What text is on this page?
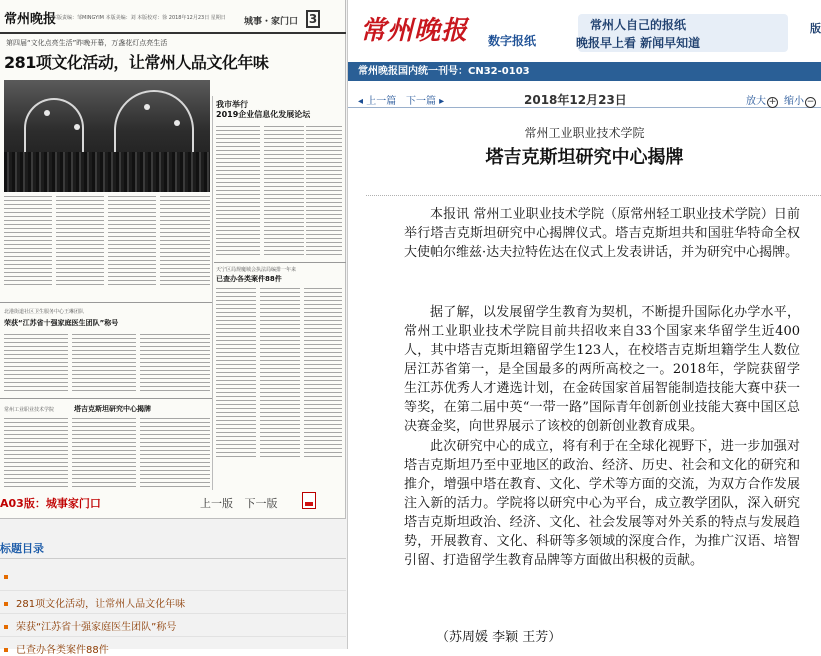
常州晚报
本版责编：邹MINGYIM 本版美编：刘 本版校对：徐 2018年12月23日 星期日 城事・家门口 3
第四届“文化点亮生活”昨晚开幕，万盏花灯点亮生活
281项文化活动，让常州人品文化年味
我市举行
2019企业信息化发展论坛
天宁区局规魔城会执法局编排一年来
已查办各类案件88件
北港街道社区卫生服务中心王琳团队
荣获“江苏省十强家庭医生团队”称号
常州工业职业技术学院	塔吉克斯坦研究中心揭牌
A03版：城事家门口	上一版 下一版
标题目录
281项文化活动，让常州人品文化年味
荣获“江苏省十强家庭医生团队”称号
已查办各类案件88件
常州晚报 数字报纸
常州人自己的报纸
晚报早上看 新闻早知道
版
常州晚报国内统一刊号：CN32-0103
◂ 上一篇 下一篇 ▸	2018年12月23日	放大 + 缩小 −
常州工业职业技术学院
塔吉克斯坦研究中心揭牌

本报讯 常州工业职业技术学院（原常州轻工职业技术学院）日前举行塔吉克斯坦研究中心揭牌仪式。塔吉克斯坦共和国驻华特命全权大使帕尔维兹·达夫拉特佐达在仪式上发表讲话，并为研究中心揭牌。

据了解，以发展留学生教育为契机，不断提升国际化办学水平，常州工业职业技术学院目前共招收来自33个国家来华留学生近400人，其中塔吉克斯坦籍留学生123人，在校塔吉克斯坦籍学生人数位居江苏省第一，是全国最多的两所高校之一。2018年，学院获留学生江苏优秀人才遴选计划，在金砖国家首届智能制造技能大赛中获一等奖，在第二届中英“一带一路”国际青年创新创业技能大赛中国区总决赛金奖，向世界展示了该校的创新创业教育成果。

此次研究中心的成立，将有利于在全球化视野下，进一步加强对塔吉克斯坦乃至中亚地区的政治、经济、历史、社会和文化的研究和推介，增强中塔在教育、文化、学术等方面的交流，为双方合作发展注入新的活力。学院将以研究中心为平台，成立教学团队，深入研究塔吉克斯坦政治、经济、文化、社会发展等对外关系的特点与发展趋势，开展教育、文化、科研等多领域的深度合作，为推广汉语、培智引留、打造留学生教育品牌等方面做出积极的贡献。

（苏周媛 李颖 王芳）
